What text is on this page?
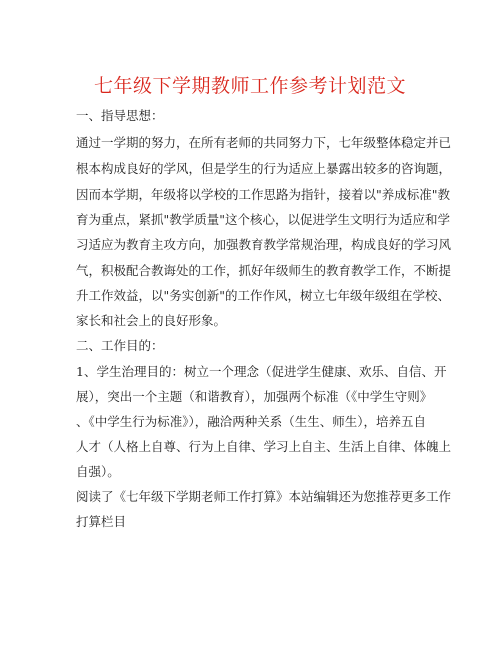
七年级下学期教师工作参考计划范文
一、指导思想：
通过一学期的努力，在所有老师的共同努力下，七年级整体稳定并已
根本构成良好的学风，但是学生的行为适应上暴露出较多的咨询题，
因而本学期，年级将以学校的工作思路为指针，接着以"养成标准"教
育为重点，紧抓"教学质量"这个核心，以促进学生文明行为适应和学
习适应为教育主攻方向，加强教育教学常规治理，构成良好的学习风
气，积极配合教诲处的工作，抓好年级师生的教育教学工作，不断提
升工作效益，以"务实创新"的工作作风，树立七年级年级组在学校、
家长和社会上的良好形象。
二、工作目的：
1、学生治理目的：树立一个理念（促进学生健康、欢乐、自信、开
展），突出一个主题（和谐教育），加强两个标准（《中学生守则》
、《中学生行为标准》），融洽两种关系（生生、师生），培养五自
人才（人格上自尊、行为上自律、学习上自主、生活上自律、体魄上
自强）。
阅读了《七年级下学期老师工作打算》本站编辑还为您推荐更多工作
打算栏目
